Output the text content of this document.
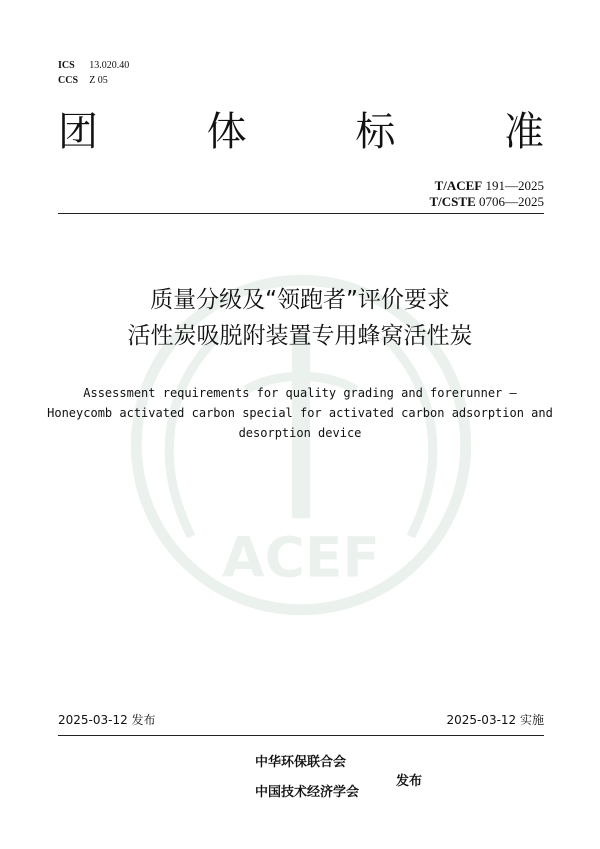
ICS 13.020.40
CCS Z 05
团	体	标	准
T/ACEF 191—2025
T/CSTE 0706—2025
ACEF
质量分级及“领跑者”评价要求
活性炭吸脱附装置专用蜂窝活性炭
Assessment requirements for quality grading and forerunner —
Honeycomb activated carbon special for activated carbon adsorption and
desorption device
2025-03-12 发布	2025-03-12 实施
中华环保联合会
中国技术经济学会
发布
